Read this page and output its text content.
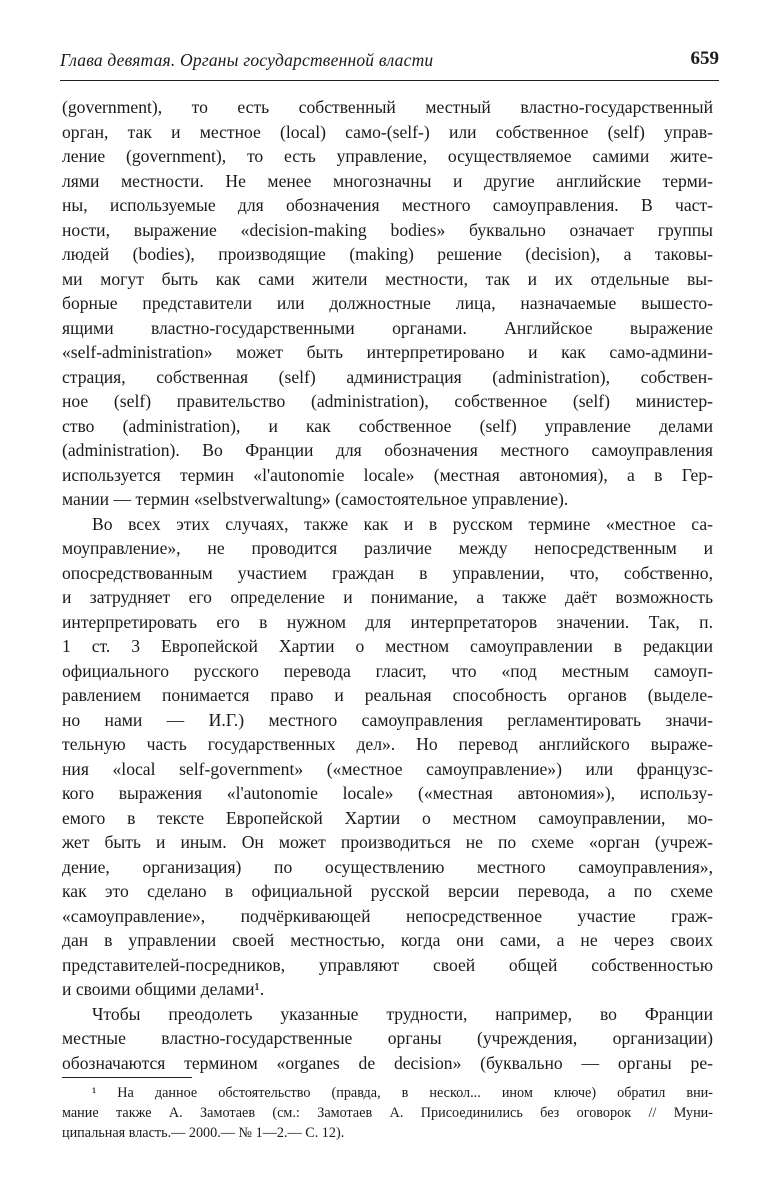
Глава девятая. Органы государственной власти	659
(government), то есть собственный местный властно-государственный
орган, так и местное (local) само-(self-) или собственное (self) управ-
ление (government), то есть управление, осуществляемое самими жите-
лями местности. Не менее многозначны и другие английские терми-
ны, используемые для обозначения местного самоуправления. В част-
ности, выражение «decision-making bodies» буквально означает группы
людей (bodies), производящие (making) решение (decision), а таковы-
ми могут быть как сами жители местности, так и их отдельные вы-
борные представители или должностные лица, назначаемые вышесто-
ящими властно-государственными органами. Английское выражение
«self-administration» может быть интерпретировано и как само-админи-
страция, собственная (self) администрация (administration), собствен-
ное (self) правительство (administration), собственное (self) министер-
ство (administration), и как собственное (self) управление делами
(administration). Во Франции для обозначения местного самоуправления
используется термин «l'autonomie locale» (местная автономия), а в Гер-
мании — термин «selbstverwaltung» (самостоятельное управление).
Во всех этих случаях, также как и в русском термине «местное са-
моуправление», не проводится различие между непосредственным и
опосредствованным участием граждан в управлении, что, собственно,
и затрудняет его определение и понимание, а также даёт возможность
интерпретировать его в нужном для интерпретаторов значении. Так, п.
1 ст. 3 Европейской Хартии о местном самоуправлении в редакции
официального русского перевода гласит, что «под местным самоуп-
равлением понимается право и реальная способность органов (выделе-
но нами — И.Г.) местного самоуправления регламентировать значи-
тельную часть государственных дел». Но перевод английского выраже-
ния «local self-government» («местное самоуправление») или французс-
кого выражения «l'autonomie locale» («местная автономия»), использу-
емого в тексте Европейской Хартии о местном самоуправлении, мо-
жет быть и иным. Он может производиться не по схеме «орган (учреж-
дение, организация) по осуществлению местного самоуправления»,
как это сделано в официальной русской версии перевода, а по схеме
«самоуправление», подчёркивающей непосредственное участие граж-
дан в управлении своей местностью, когда они сами, а не через своих
представителей-посредников, управляют своей общей собственностью
и своими общими делами¹.
Чтобы преодолеть указанные трудности, например, во Франции
местные властно-государственные органы (учреждения, организации)
обозначаются термином «organes de decision» (буквально — органы ре-
¹ На данное обстоятельство (правда, в нескол... ином ключе) обратил вни-
мание также А. Замотаев (см.: Замотаев А. Присоединились без оговорок // Муни-
ципальная власть.— 2000.— № 1—2.— С. 12).
